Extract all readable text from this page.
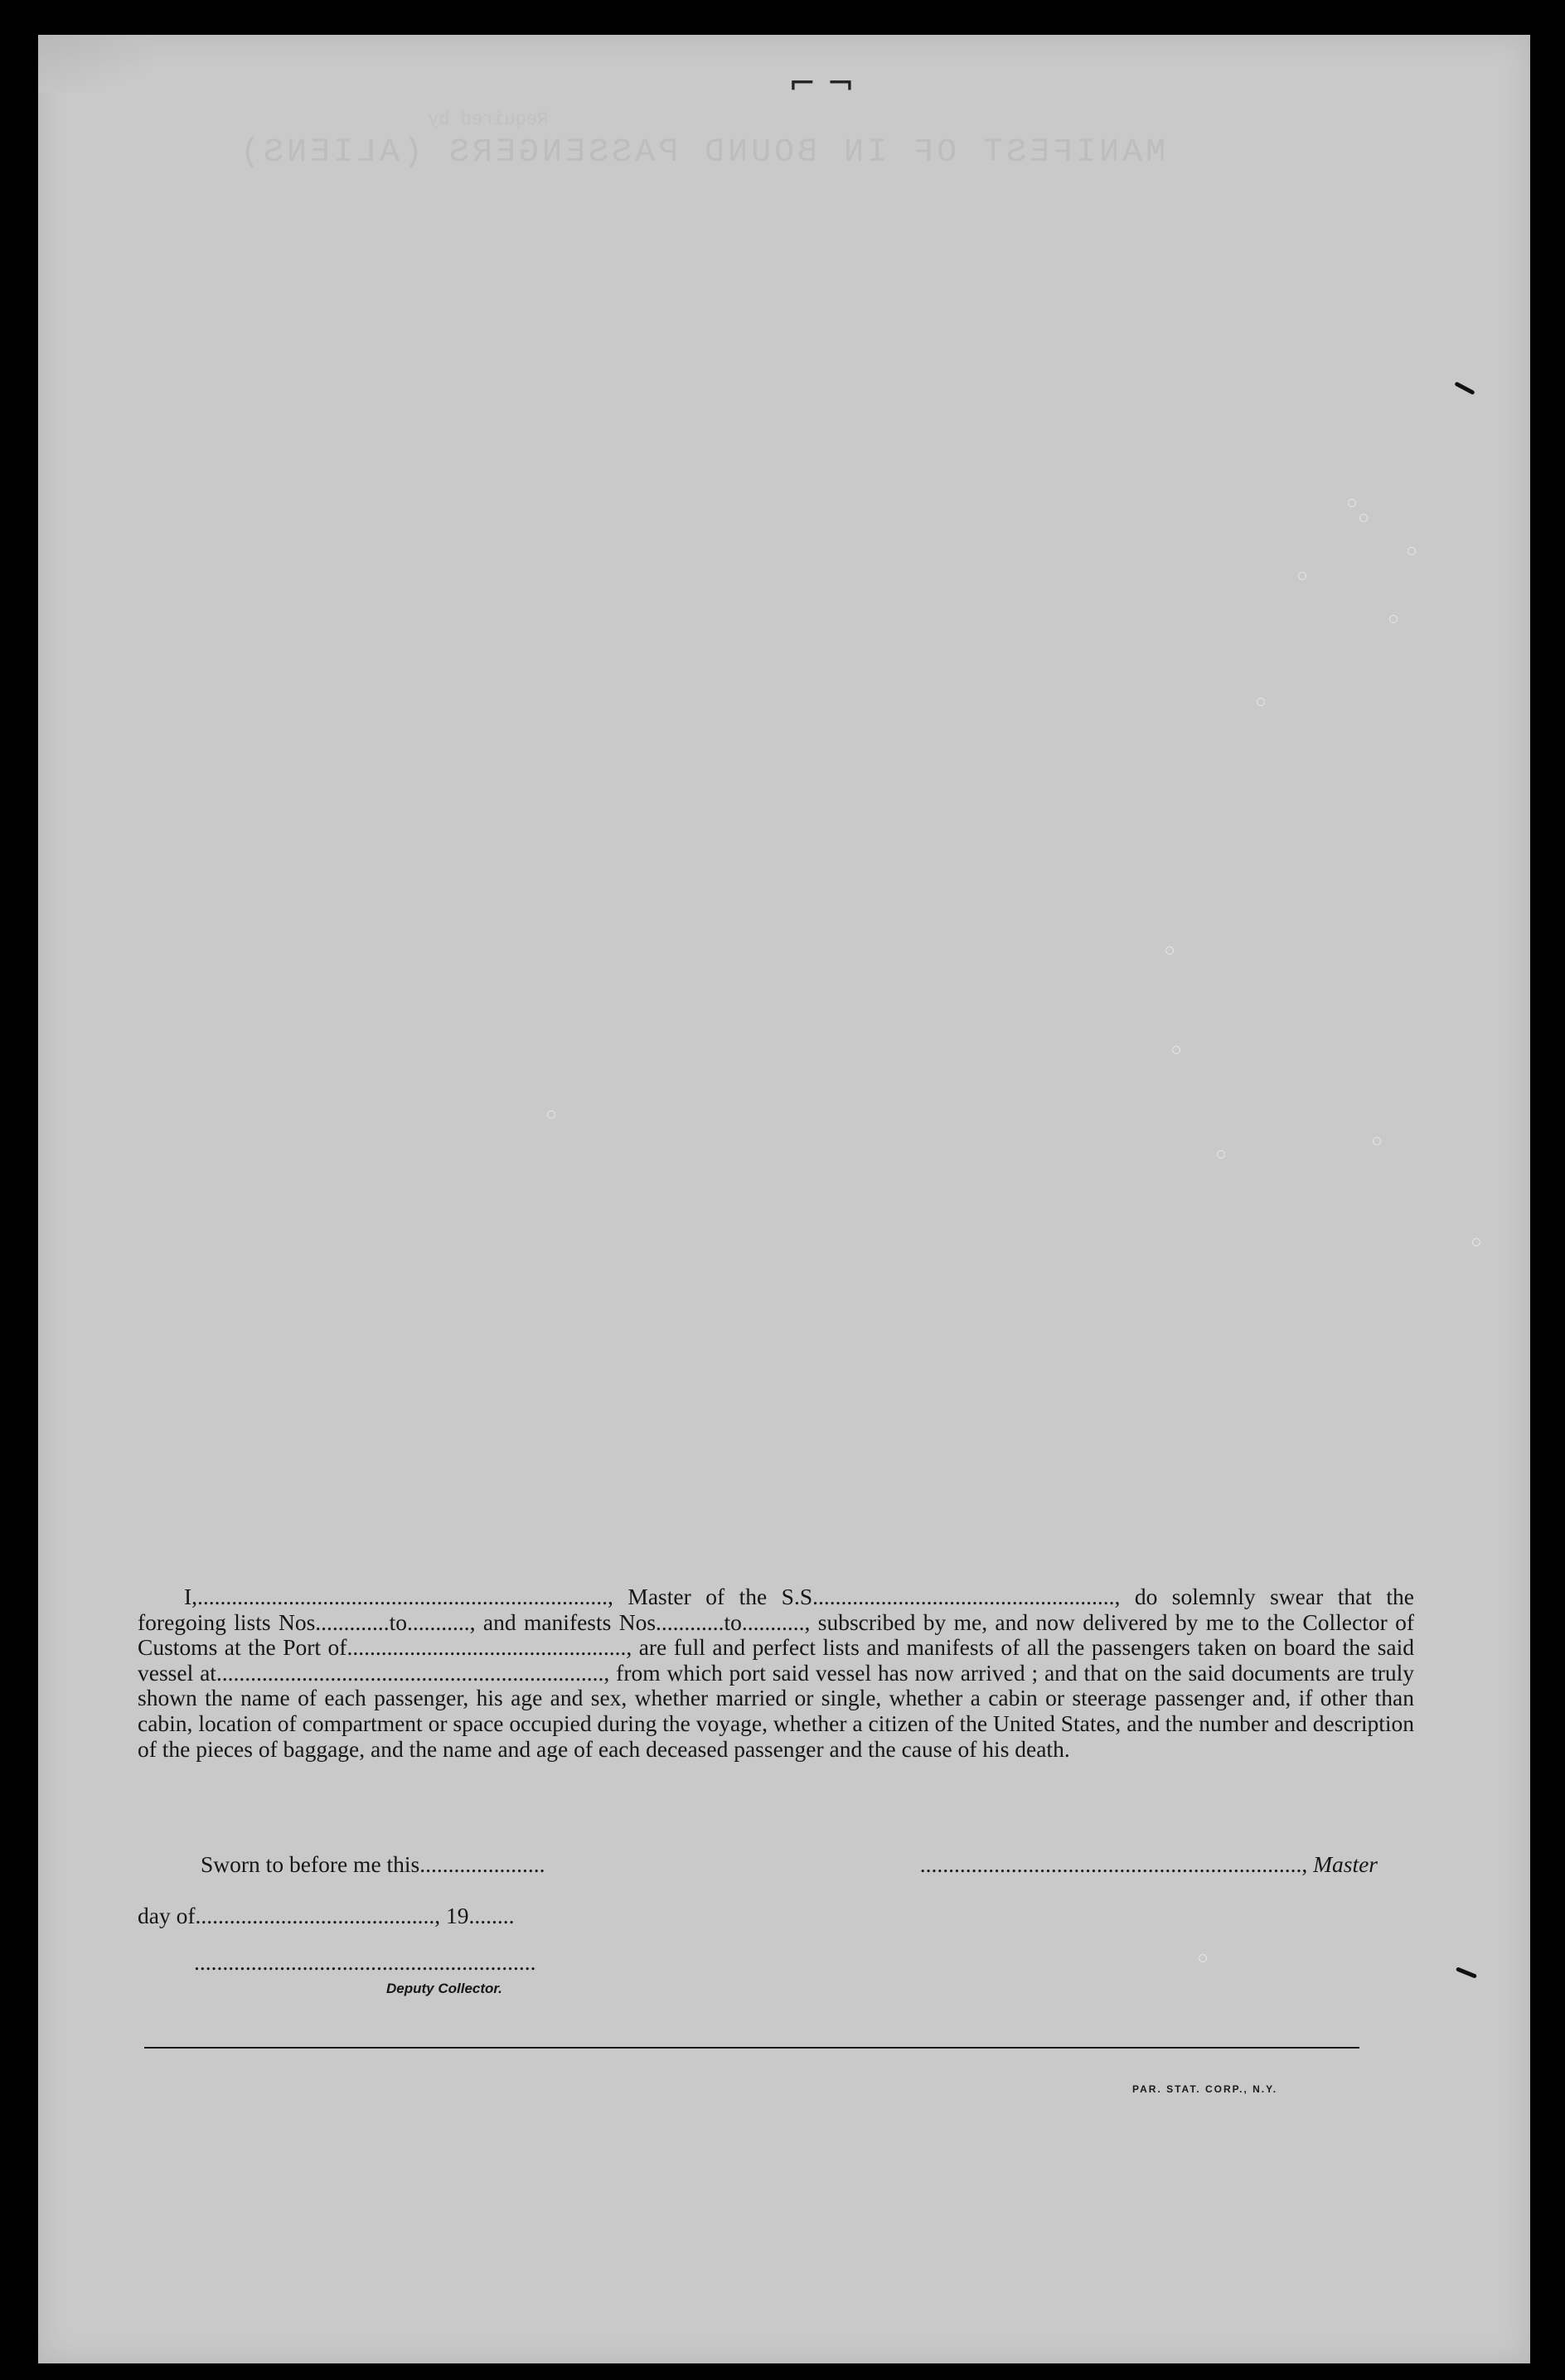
Required by
MANIFEST OF IN BOUND PASSENGERS (ALIENS)
⌐ ¬

I,........................................................................, Master of the S.S....................................................., do solemnly swear that the foregoing lists Nos.............to..........., and manifests Nos............to..........., subscribed by me, and now delivered by me to the Collector of Customs at the Port of................................................., are full and perfect lists and manifests of all the passengers taken on board the said vessel at...................................................................., from which port said vessel has now arrived ; and that on the said documents are truly shown the name of each passenger, his age and sex, whether married or single, whether a cabin or steerage passenger and, if other than cabin, location of compartment or space occupied during the voyage, whether a citizen of the United States, and the number and description of the pieces of baggage, and the name and age of each deceased passenger and the cause of his death.

Sworn to before me this......................	..................................................................., Master
day of.........................................., 19........
............................................................
Deputy Collector.
PAR. STAT. CORP., N.Y.
